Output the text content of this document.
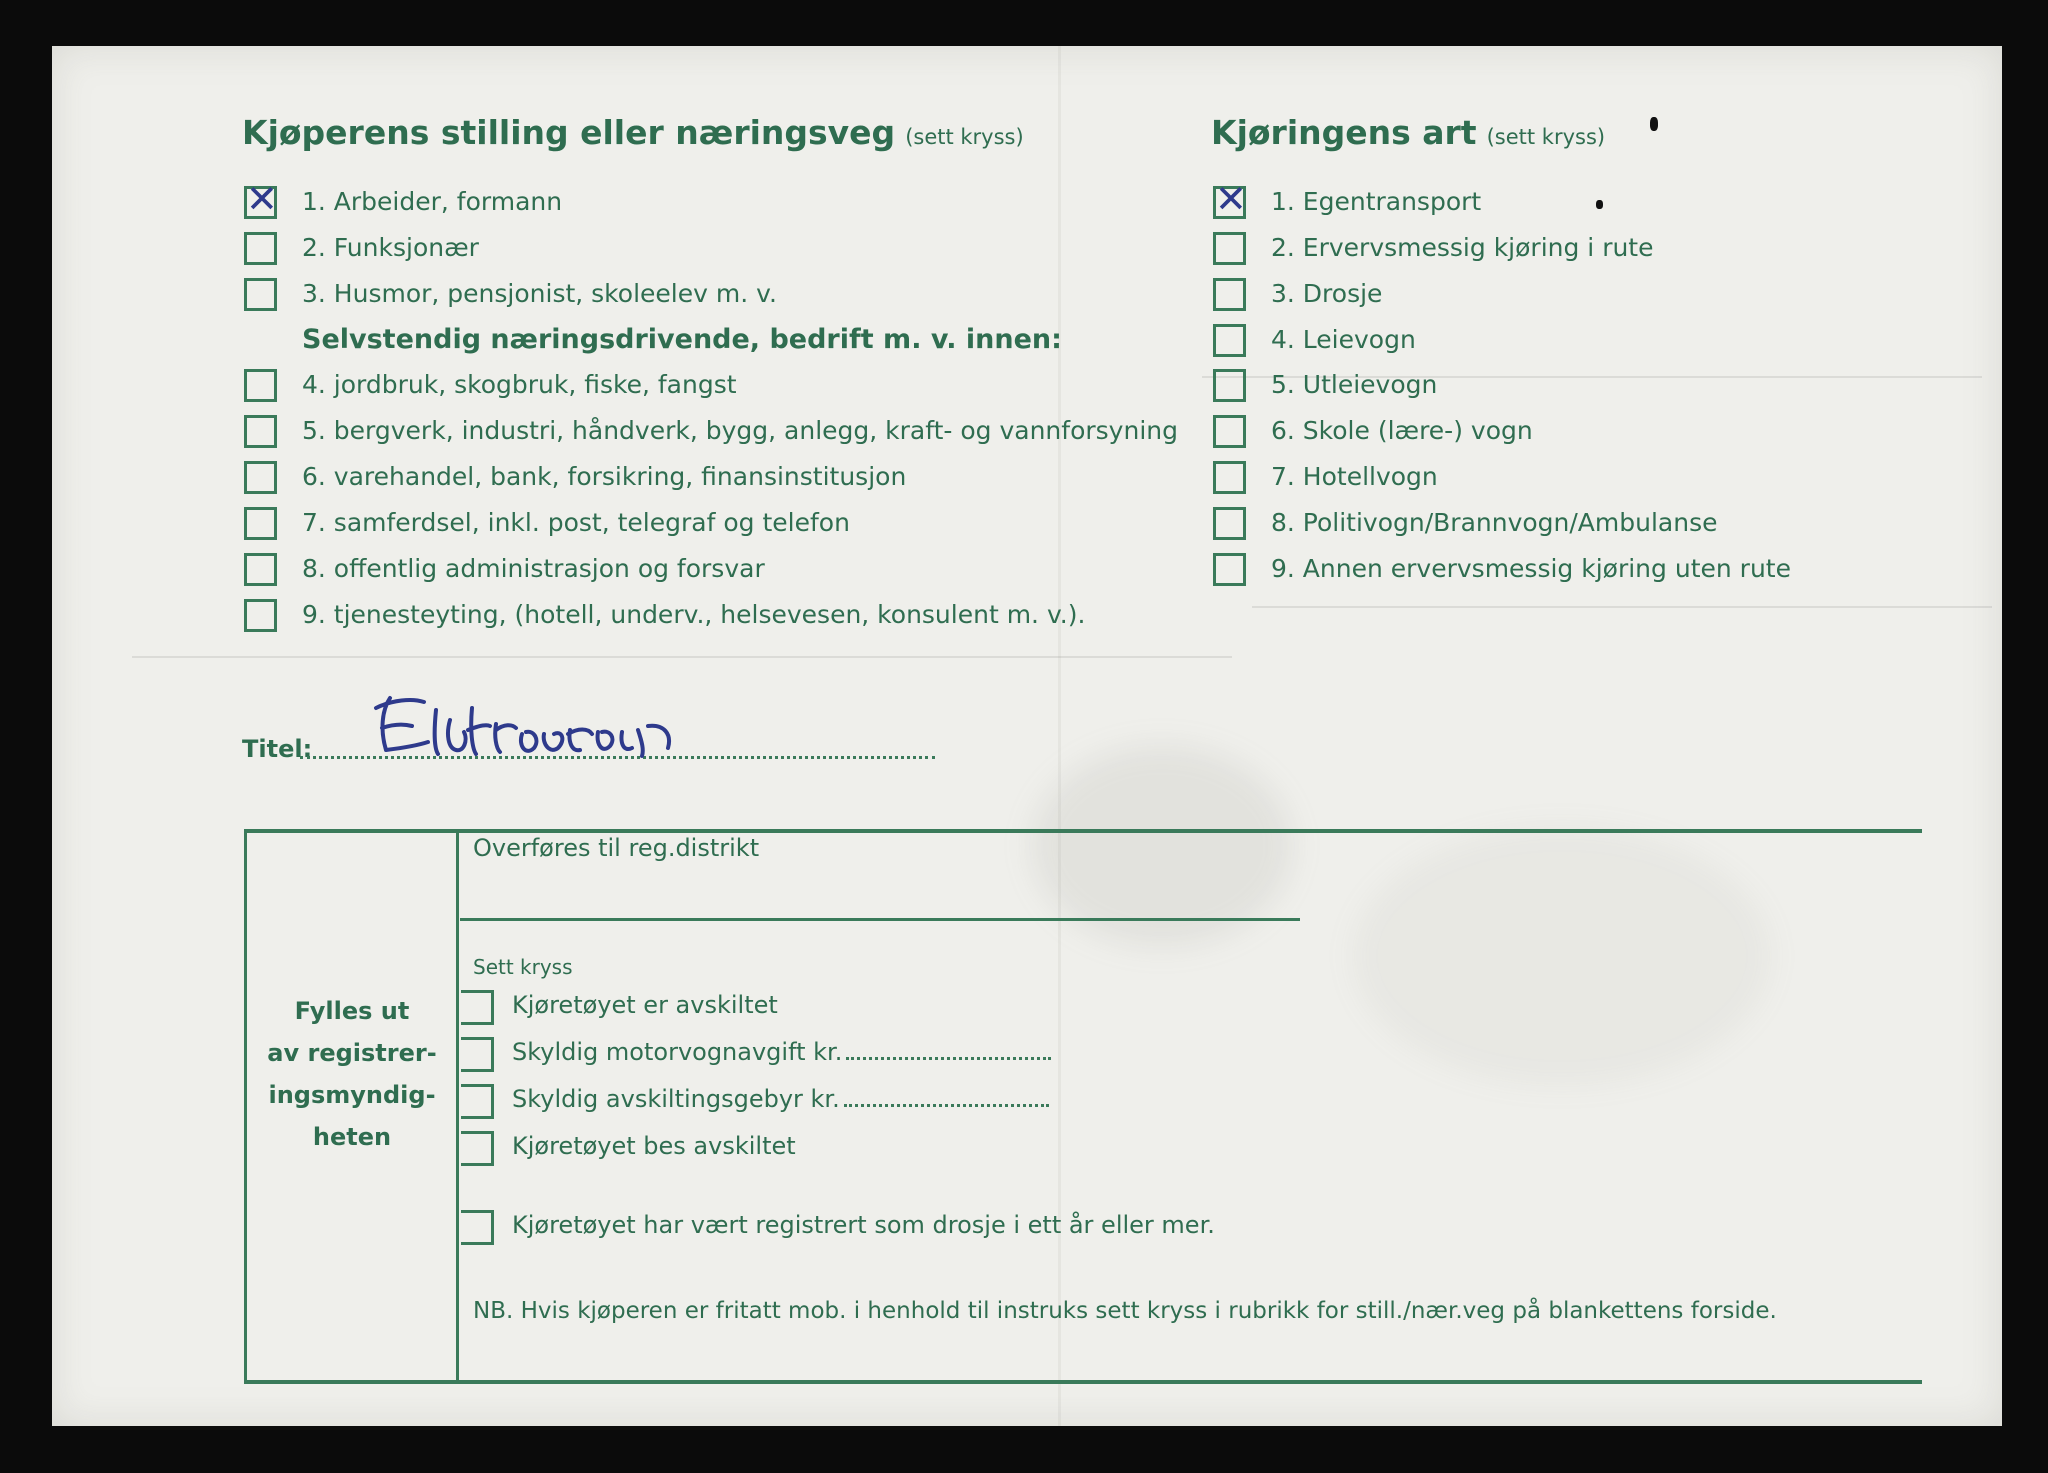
Kjøperens stilling eller næringsveg (sett kryss)
✕ 1. Arbeider, formann
2. Funksjonær
3. Husmor, pensjonist, skoleelev m. v.
Selvstendig næringsdrivende, bedrift m. v. innen:
4. jordbruk, skogbruk, fiske, fangst
5. bergverk, industri, håndverk, bygg, anlegg, kraft- og vannforsyning
6. varehandel, bank, forsikring, finansinstitusjon
7. samferdsel, inkl. post, telegraf og telefon
8. offentlig administrasjon og forsvar
9. tjenesteyting, (hotell, underv., helsevesen, konsulent m. v.).
Kjøringens art (sett kryss)
✕ 1. Egentransport
2. Ervervsmessig kjøring i rute
3. Drosje
4. Leievogn
5. Utleievogn
6. Skole (lære-) vogn
7. Hotellvogn
8. Politivogn/Brannvogn/Ambulanse
9. Annen ervervsmessig kjøring uten rute
Titel:
Fylles ut
av registrer-
ingsmyndig-
heten
Overføres til reg.distrikt
Sett kryss
Kjøretøyet er avskiltet
Skyldig motorvognavgift kr.
Skyldig avskiltingsgebyr kr.
Kjøretøyet bes avskiltet
Kjøretøyet har vært registrert som drosje i ett år eller mer.
NB. Hvis kjøperen er fritatt mob. i henhold til instruks sett kryss i rubrikk for still./nær.veg på blankettens forside.
